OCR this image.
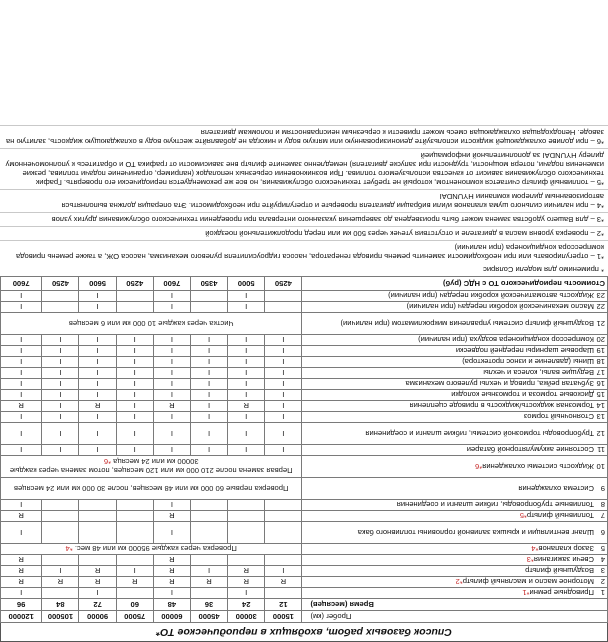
Список базовых работ, входящих в периодическое ТО*
Пробег (км)	15000	30000	45000	60000	75000	90000	105000	120000
Время (месяцев)	12	24	36	48	60	72	84	96
1Приводные ремни*1		I		I		I		I
2Моторное масло и масляный фильтр*2	R	R	R	R	R	R	R	R
3Воздушный фильтр	I	R	I	R	I	R	I	R
4Свечи зажигания*3				R				R
5Зазор клапанов*4	Проверка через каждые 95000 км или 48 мес. *4							
6Шланг вентиляции и крышка заливной горловины топливного бака				I				I
7Топливный фильтр*5				R				R
8Топливные трубопроводы, гибкие шланги и соединения				I				I
9Система охлаждения	Проверка первые 60 000 км или 48 месяцев, после 30 000 км или 24 месяцев							
10Жидкость системы охлаждения*6	Первая замена после 210 000 км или 120 месяцев, потом замена через каждые 30000 км или 24 месяца *6							
11Состояние аккумуляторной батареи	I	I	I	I	I	I	I	I
12Трубопроводы тормозной системы, гибкие шланги и соединения	I	I	I	I	I	I	I	I
13Стояночный тормоз	I	I	I	I	I	I	I	I
14Тормозная жидкость/жидкость в приводе сцепления	I	R	I	R	I	R	I	R
15Дисковые тормоза и тормозные колодки	I	I	I	I	I	I	I	I
16Зубчатая рейка, привод и чехлы рулевого механизма	I	I	I	I	I	I	I	I
17Ведущие валы, колеса и чехлы	I	I	I	I	I	I	I	I
18Шины (давление и износ протектора)	I	I	I	I	I	I	I	I
19Шаровые шарниры передней подвески	I	I	I	I	I	I	I	I
20Компрессор кондиционера воздуха (при наличии)	I	I	I	I	I	I	I	I
21Воздушный фильтр системы управления микроклиматом (при наличии)	Чистка через каждые 10 000 км или 6 месяцев							
22Масло механической коробки передач (при наличии)		I		I		I		I
23Жидкость автоматической коробки передач (при наличии)		I		I		I		I
Стоимость периодического ТО с НДС (руб)	4250	5000	4350	7600	4250	5600	4250	7600
* применимо для модели Солярис
*1 – отрегулировать или при необходимости заменить ремень привода генератора, насоса гидроусилителя рулевого механизма, насоса ОЖ, а также ремень привода компрессора кондиционера (при наличии)
*2 – проверка уровня масла в двигателе и отсутствия утечек через 500 км или перед продолжительной поездкой
*3 – для Вашего удобства замена может быть произведена до завершения указанного интервала при проведении технического обслуживания других узлов
*4 – при наличии сильного шума клапанов и/или вибрации двигателя проверьте и отрегулируйте при необходимости. Эта операция должна выполняться авторизованным дилером компании HYUNDAI
*5 – топливный фильтр считается компонентом, который не требует технического обслуживания, но все же рекомендуется периодически его проверять. График технического обслуживания зависит от качества используемого топлива. При возникновении серьезных неполадок (например, ограничение подачи топлива, резкие изменения подачи, потеря мощности, трудности при запуске двигателя) немедленно замените фильтр вне зависимости от графика ТО и обратитесь к уполномоченному дилеру HYUNDAI за дополнительной информацией
*6 – при доливе охлаждающей жидкости используйте деионизированную или мягкую воду и никогда не добавляйте жесткую воду в охлаждающую жидкость, залитую на заводе. Неподходящая охлаждающая смесь может привести к серьезным неисправностям и поломкам двигателя
